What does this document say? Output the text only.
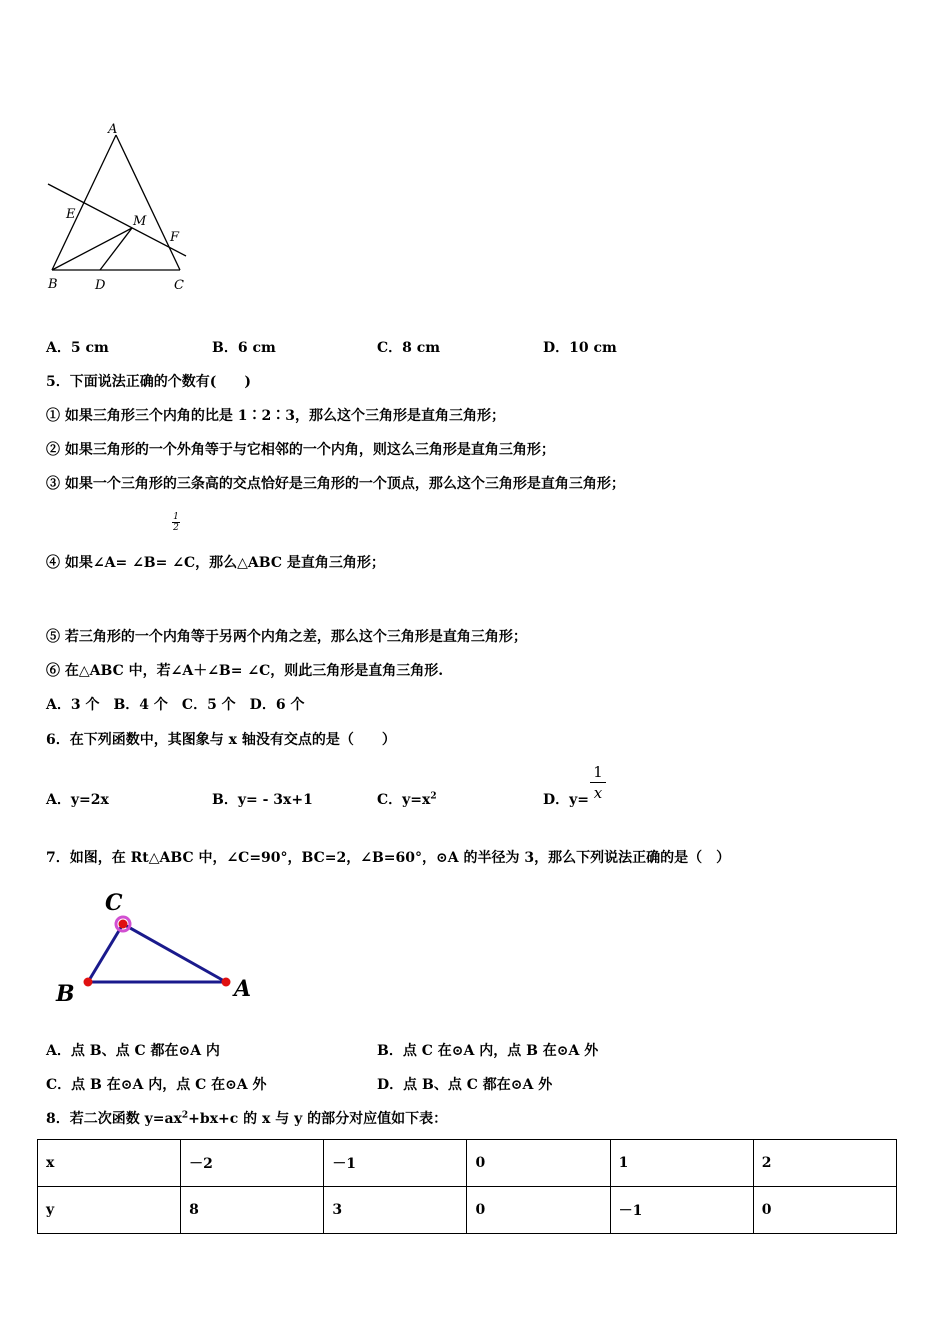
A
E	M
F
B	D	C
A．5 cm	B．6 cm	C．8 cm	D．10 cm
5．下面说法正确的个数有(　　)
① 如果三角形三个内角的比是 1∶2∶3，那么这个三角形是直角三角形；
② 如果三角形的一个外角等于与它相邻的一个内角，则这么三角形是直角三角形；
③ 如果一个三角形的三条高的交点恰好是三角形的一个顶点，那么这个三角形是直角三角形；
$\frac{1}{2}$
④ 如果∠A= ∠B= ∠C，那么△ABC 是直角三角形；
⑤ 若三角形的一个内角等于另两个内角之差，那么这个三角形是直角三角形；
⑥ 在△ABC 中，若∠A＋∠B= ∠C，则此三角形是直角三角形.
A．3 个　B．4 个　C．5 个　D．6 个
6．在下列函数中，其图象与 x 轴没有交点的是（　　）
A．y=2x	B．y= - 3x+1	C．$y=x^2$	D．$y= \frac{1}{x}$
7．如图，在 Rt△ABC 中，∠C=90°，BC=2，∠B=60°，⊙A 的半径为 3，那么下列说法正确的是（　）
C
B	A
A．点 B、点 C 都在⊙A 内	B．点 C 在⊙A 内，点 B 在⊙A 外
C．点 B 在⊙A 内，点 C 在⊙A 外	D．点 B、点 C 都在⊙A 外
8．若二次函数 $y=ax^2+bx+c$ 的 x 与 y 的部分对应值如下表：
x	－2	－1	0	1	2
y	8	3	0	－1	0
